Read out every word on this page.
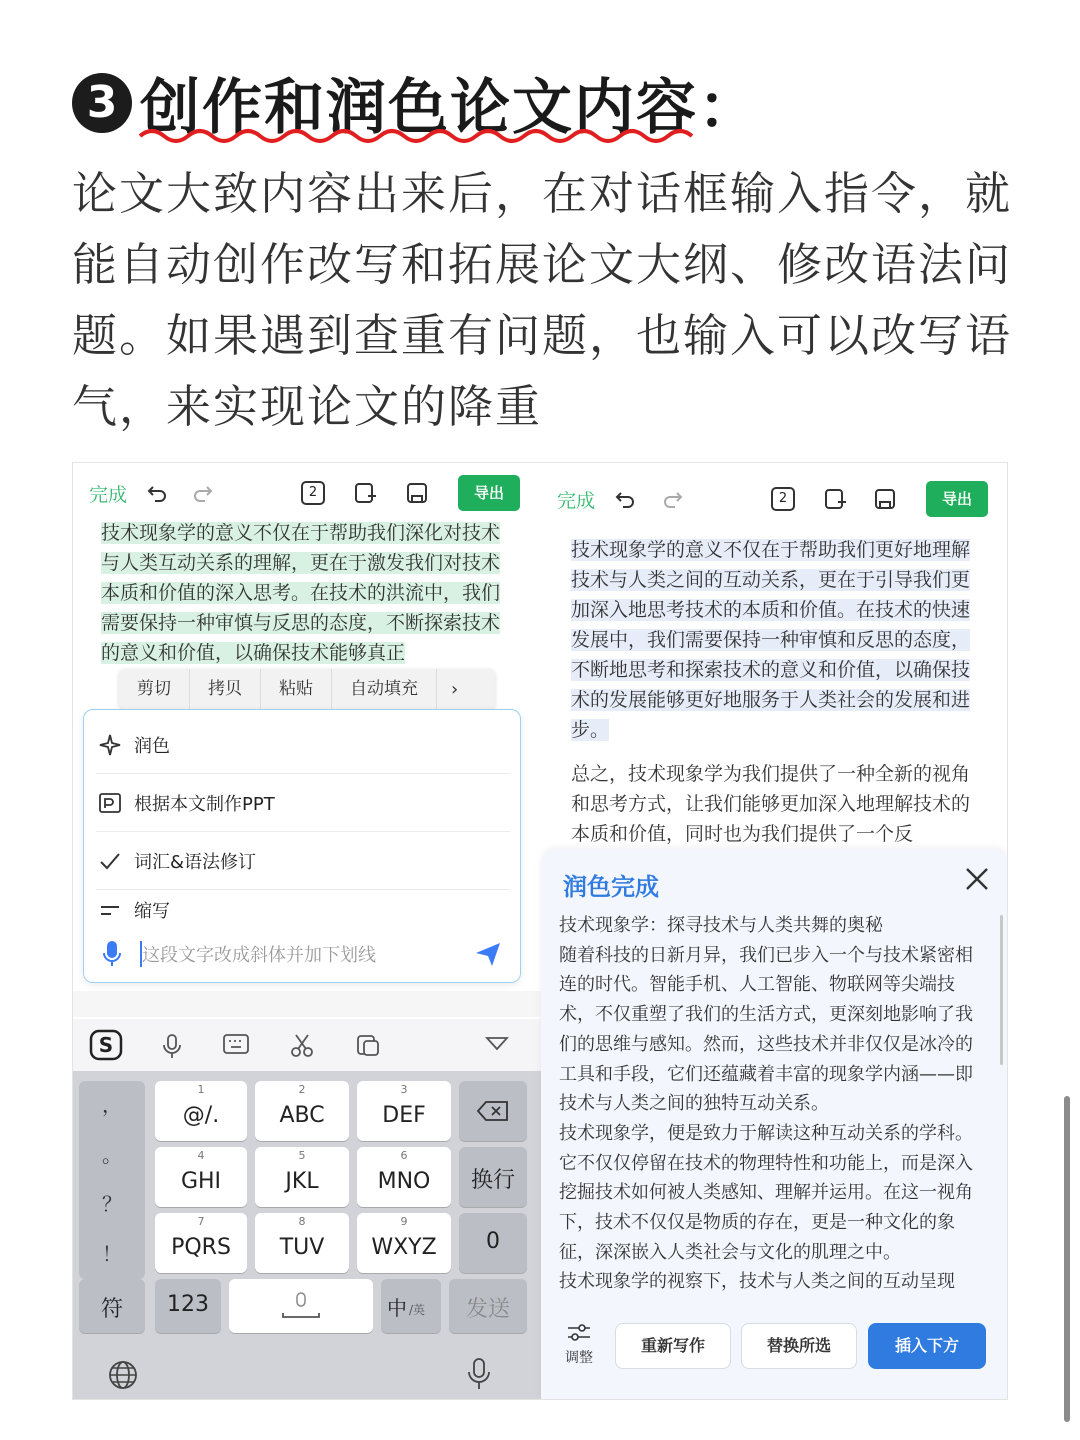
3 创作和润色论文内容：
论文大致内容出来后，在对话框输入指令，就能自动创作改写和拓展论文大纲、修改语法问题。如果遇到查重有问题，也输入可以改写语气，来实现论文的降重
完成	2	导出
技术现象学的意义不仅在于帮助我们深化对技术与人类互动关系的理解，更在于激发我们对技术本质和价值的深入思考。在技术的洪流中，我们需要保持一种审慎与反思的态度，不断探索技术的意义和价值，以确保技术能够真正
剪切	拷贝	粘贴	自动填充	›
润色
根据本文制作PPT
词汇&语法修订
缩写
这段文字改成斜体并加下划线
S
，
。
？
！
1
@/.
2
ABC
3
DEF
4
GHI
5
JKL
6
MNO	换行
7
PQRS
8
TUV
9
WXYZ	0
符	123	中 /英	发送
完成	2	导出

技术现象学的意义不仅在于帮助我们更好地理解技术与人类之间的互动关系，更在于引导我们更加深入地思考技术的本质和价值。在技术的快速发展中，我们需要保持一种审慎和反思的态度，不断地思考和探索技术的意义和价值，以确保技术的发展能够更好地服务于人类社会的发展和进步。

总之，技术现象学为我们提供了一种全新的视角和思考方式，让我们能够更加深入地理解技术的本质和价值，同时也为我们提供了一个反

润色完成
技术现象学：探寻技术与人类共舞的奥秘
随着科技的日新月异，我们已步入一个与技术紧密相连的时代。智能手机、人工智能、物联网等尖端技术，不仅重塑了我们的生活方式，更深刻地影响了我们的思维与感知。然而，这些技术并非仅仅是冰冷的工具和手段，它们还蕴藏着丰富的现象学内涵——即技术与人类之间的独特互动关系。
技术现象学，便是致力于解读这种互动关系的学科。它不仅仅停留在技术的物理特性和功能上，而是深入挖掘技术如何被人类感知、理解并运用。在这一视角下，技术不仅仅是物质的存在，更是一种文化的象征，深深嵌入人类社会与文化的肌理之中。
技术现象学的视察下，技术与人类之间的互动呈现
调整
重新写作	替换所选	插入下方
